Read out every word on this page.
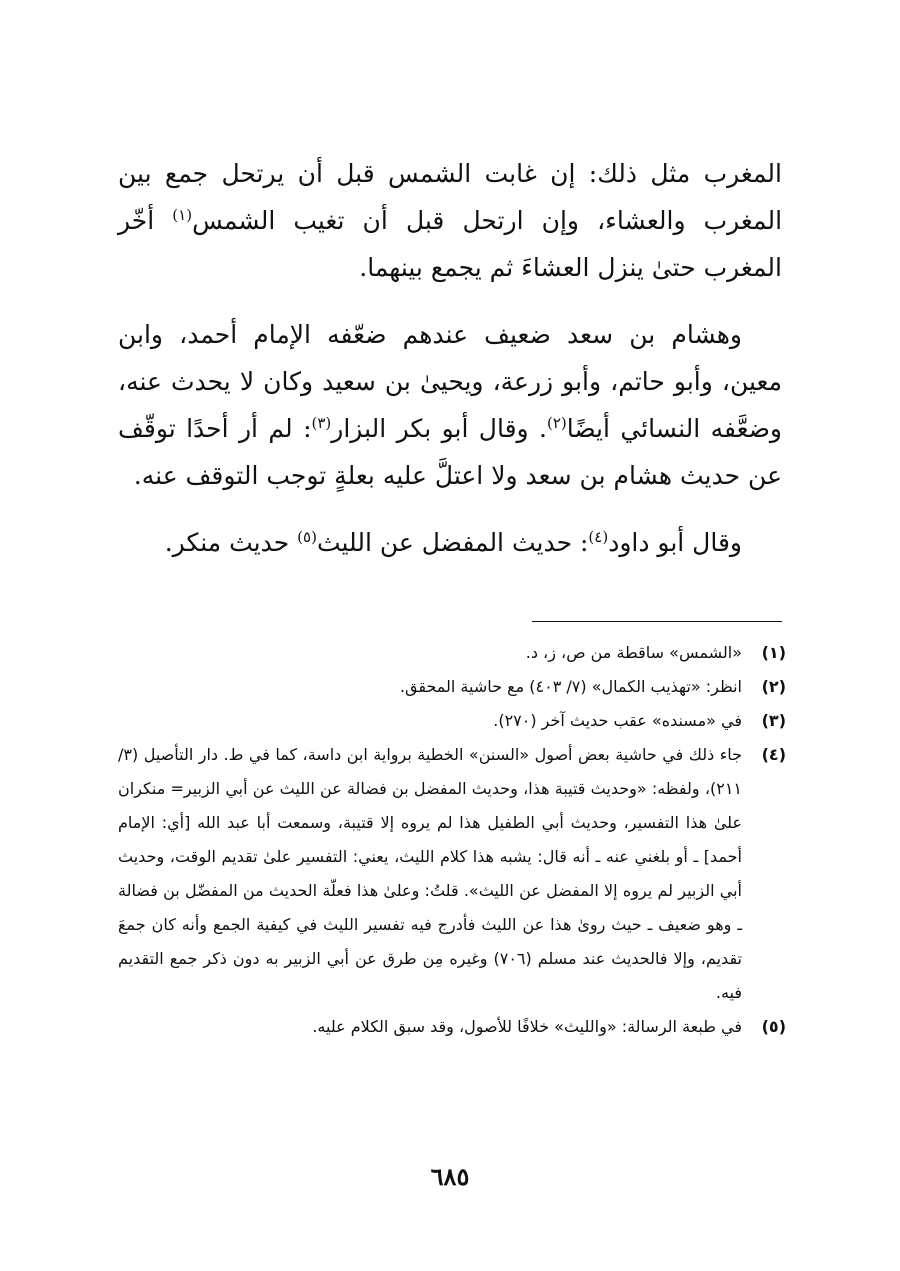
المغرب مثل ذلك: إن غابت الشمس قبل أن يرتحل جمع بين المغرب والعشاء، وإن ارتحل قبل أن تغيب الشمس$^{(١)}$ أخّر المغرب حتىٰ ينزل العشاءَ ثم يجمع بينهما.

وهشام بن سعد ضعيف عندهم ضعّفه الإمام أحمد، وابن معين، وأبو حاتم، وأبو زرعة، ويحيىٰ بن سعيد وكان لا يحدث عنه، وضعَّفه النسائي أيضًا$^{(٢)}$. وقال أبو بكر البزار$^{(٣)}$: لم أر أحدًا توقّف عن حديث هشام بن سعد ولا اعتلَّ عليه بعلةٍ توجب التوقف عنه.

وقال أبو داود$^{(٤)}$: حديث المفضل عن الليث$^{(٥)}$ حديث منكر.

(١)
«الشمس» ساقطة من ص، ز، د.
(٢)
انظر: «تهذيب الكمال» (٧/ ٤٠٣) مع حاشية المحقق.
(٣)
في «مسنده» عقب حديث آخر (٢٧٠).
(٤)
جاء ذلك في حاشية بعض أصول «السنن» الخطية برواية ابن داسة، كما في ط. دار التأصيل (٣/ ٢١١)، ولفظه: «وحديث قتيبة هذا، وحديث المفضل بن فضالة عن الليث عن أبي الزبير= منكران علىٰ هذا التفسير، وحديث أبي الطفيل هذا لم يروه إلا قتيبة، وسمعت أبا عبد الله [أي: الإمام أحمد] ـ أو بلغني عنه ـ أنه قال: يشبه هذا كلام الليث، يعني: التفسير علىٰ تقديم الوقت، وحديث أبي الزبير لم يروه إلا المفضل عن الليث». قلتُ: وعلىٰ هذا فعلّة الحديث من المفضّل بن فضالة ـ وهو ضعيف ـ حيث روىٰ هذا عن الليث فأدرج فيه تفسير الليث في كيفية الجمع وأنه كان جمعَ تقديم، وإلا فالحديث عند مسلم (٧٠٦) وغيره مِن طرق عن أبي الزبير به دون ذكر جمع التقديم فيه.
(٥)
في طبعة الرسالة: «والليث» خلافًا للأصول، وقد سبق الكلام عليه.
٦٨٥
